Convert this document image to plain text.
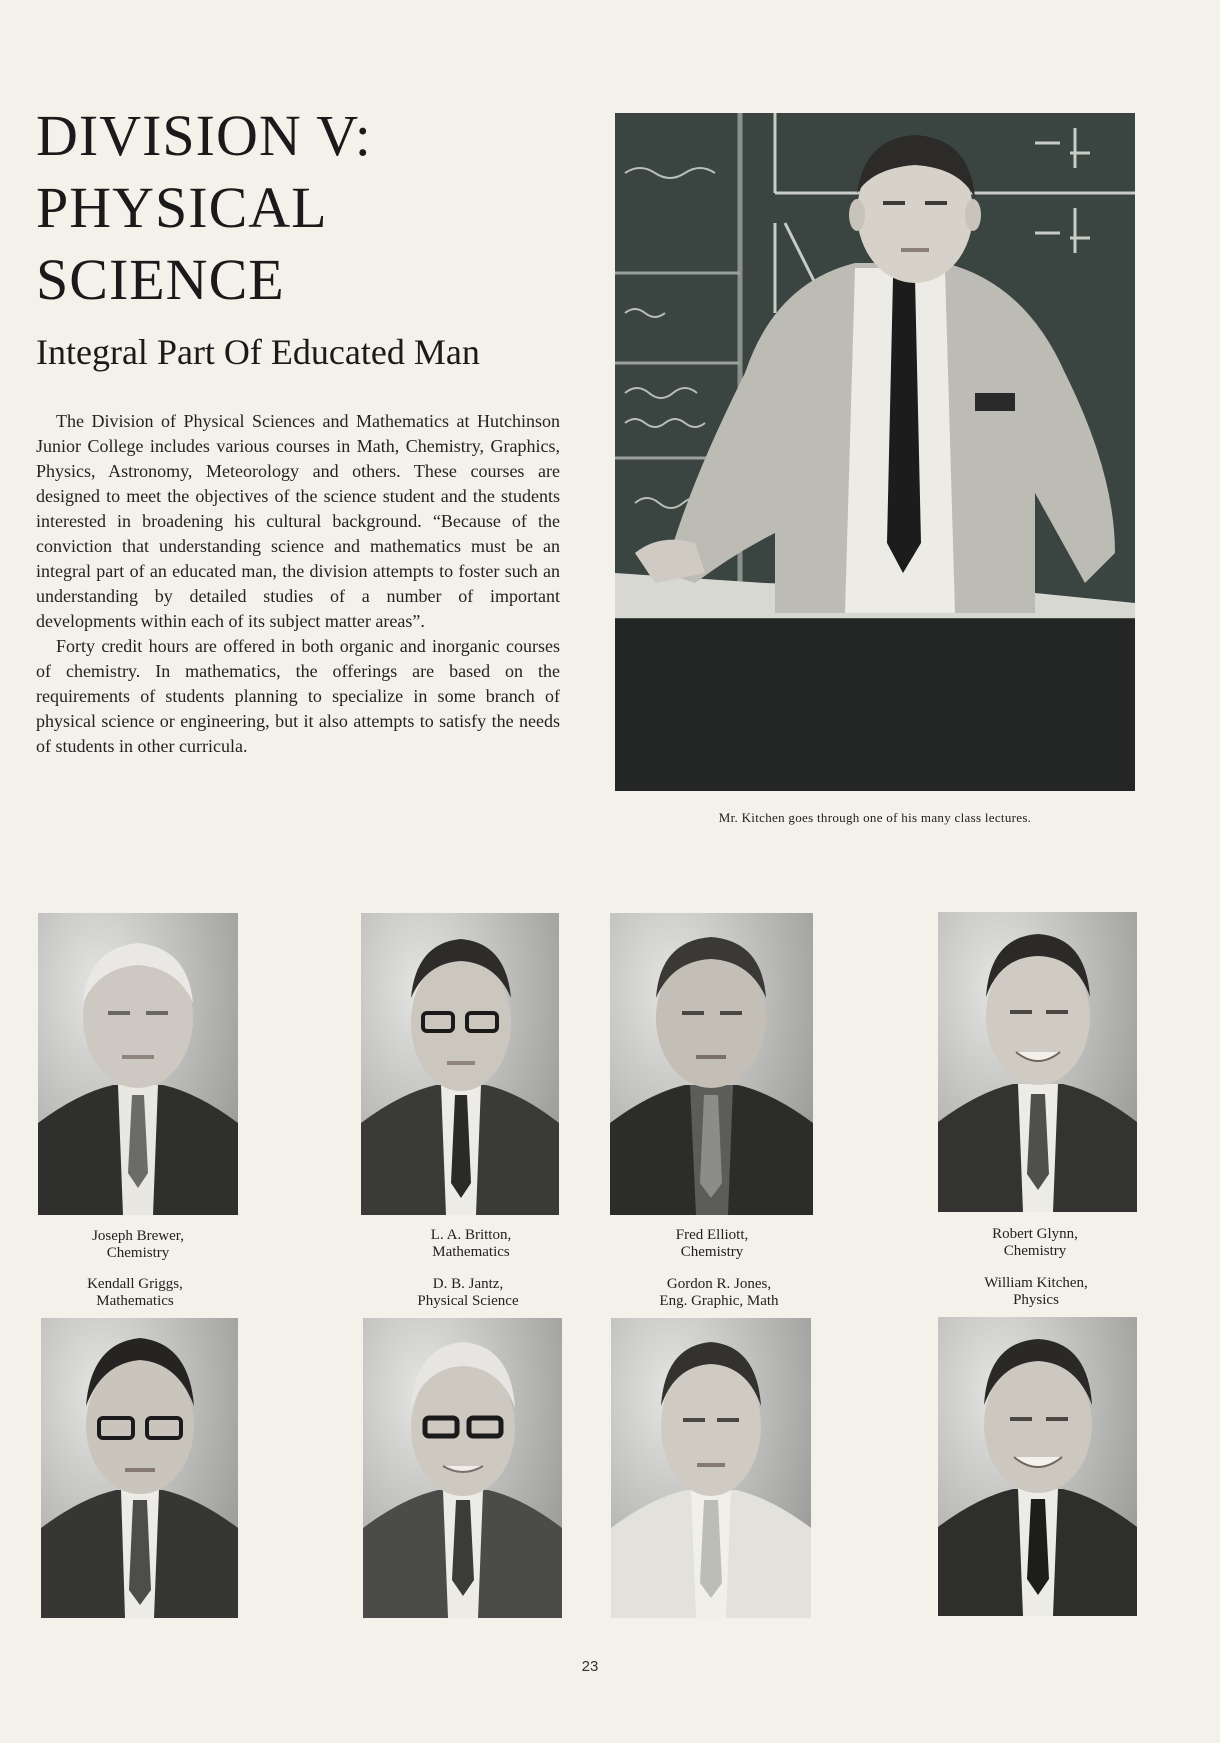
DIVISION V:
PHYSICAL
SCIENCE
Integral Part Of Educated Man

The Division of Physical Sciences and Mathematics at Hutchinson Junior College includes various courses in Math, Chemistry, Graphics, Physics, Astronomy, Meteorology and others. These courses are designed to meet the objectives of the science student and the students interested in broadening his cultural background. “Because of the conviction that understanding science and mathematics must be an integral part of an educated man, the division attempts to foster such an understanding by detailed studies of a number of important developments within each of its subject matter areas”.

Forty credit hours are offered in both organic and inorganic courses of chemistry. In mathematics, the offerings are based on the requirements of students planning to specialize in some branch of physical science or engineering, but it also attempts to satisfy the needs of students in other curricula.

Mr. Kitchen goes through one of his many class lectures.
Joseph Brewer,
Chemistry
L. A. Britton,
Mathematics
Fred Elliott,
Chemistry
Robert Glynn,
Chemistry
Kendall Griggs,
Mathematics
D. B. Jantz,
Physical Science
Gordon R. Jones,
Eng. Graphic, Math
William Kitchen,
Physics
23
